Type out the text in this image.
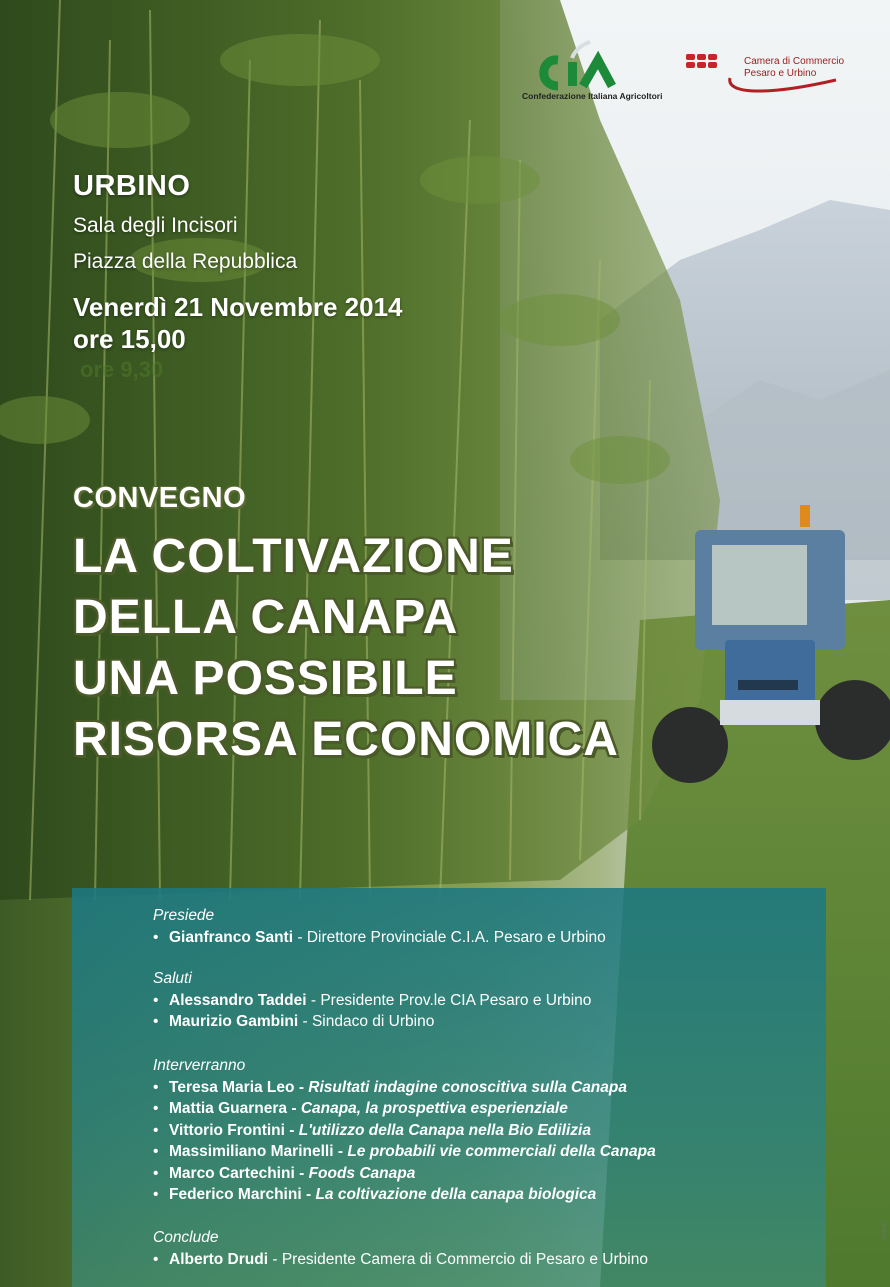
Confederazione Italiana Agricoltori
Camera di Commercio
Pesaro e Urbino
URBINO
Sala degli Incisori
Piazza della Repubblica
Venerdì 21 Novembre 2014
ore 15,00
ore 9,30
CONVEGNO
LA COLTIVAZIONE
DELLA CANAPA
UNA POSSIBILE
RISORSA ECONOMICA
Presiede
• Gianfranco Santi - Direttore Provinciale C.I.A. Pesaro e Urbino
Saluti
• Alessandro Taddei - Presidente Prov.le CIA Pesaro e Urbino
• Maurizio Gambini - Sindaco di Urbino
Interverranno
• Teresa Maria Leo - Risultati indagine conoscitiva sulla Canapa
• Mattia Guarnera - Canapa, la prospettiva esperienziale
• Vittorio Frontini - L'utilizzo della Canapa nella Bio Edilizia
• Massimiliano Marinelli - Le probabili vie commerciali della Canapa
• Marco Cartechini - Foods Canapa
• Federico Marchini - La coltivazione della canapa biologica
Conclude
• Alberto Drudi - Presidente Camera di Commercio di Pesaro e Urbino
grafica
